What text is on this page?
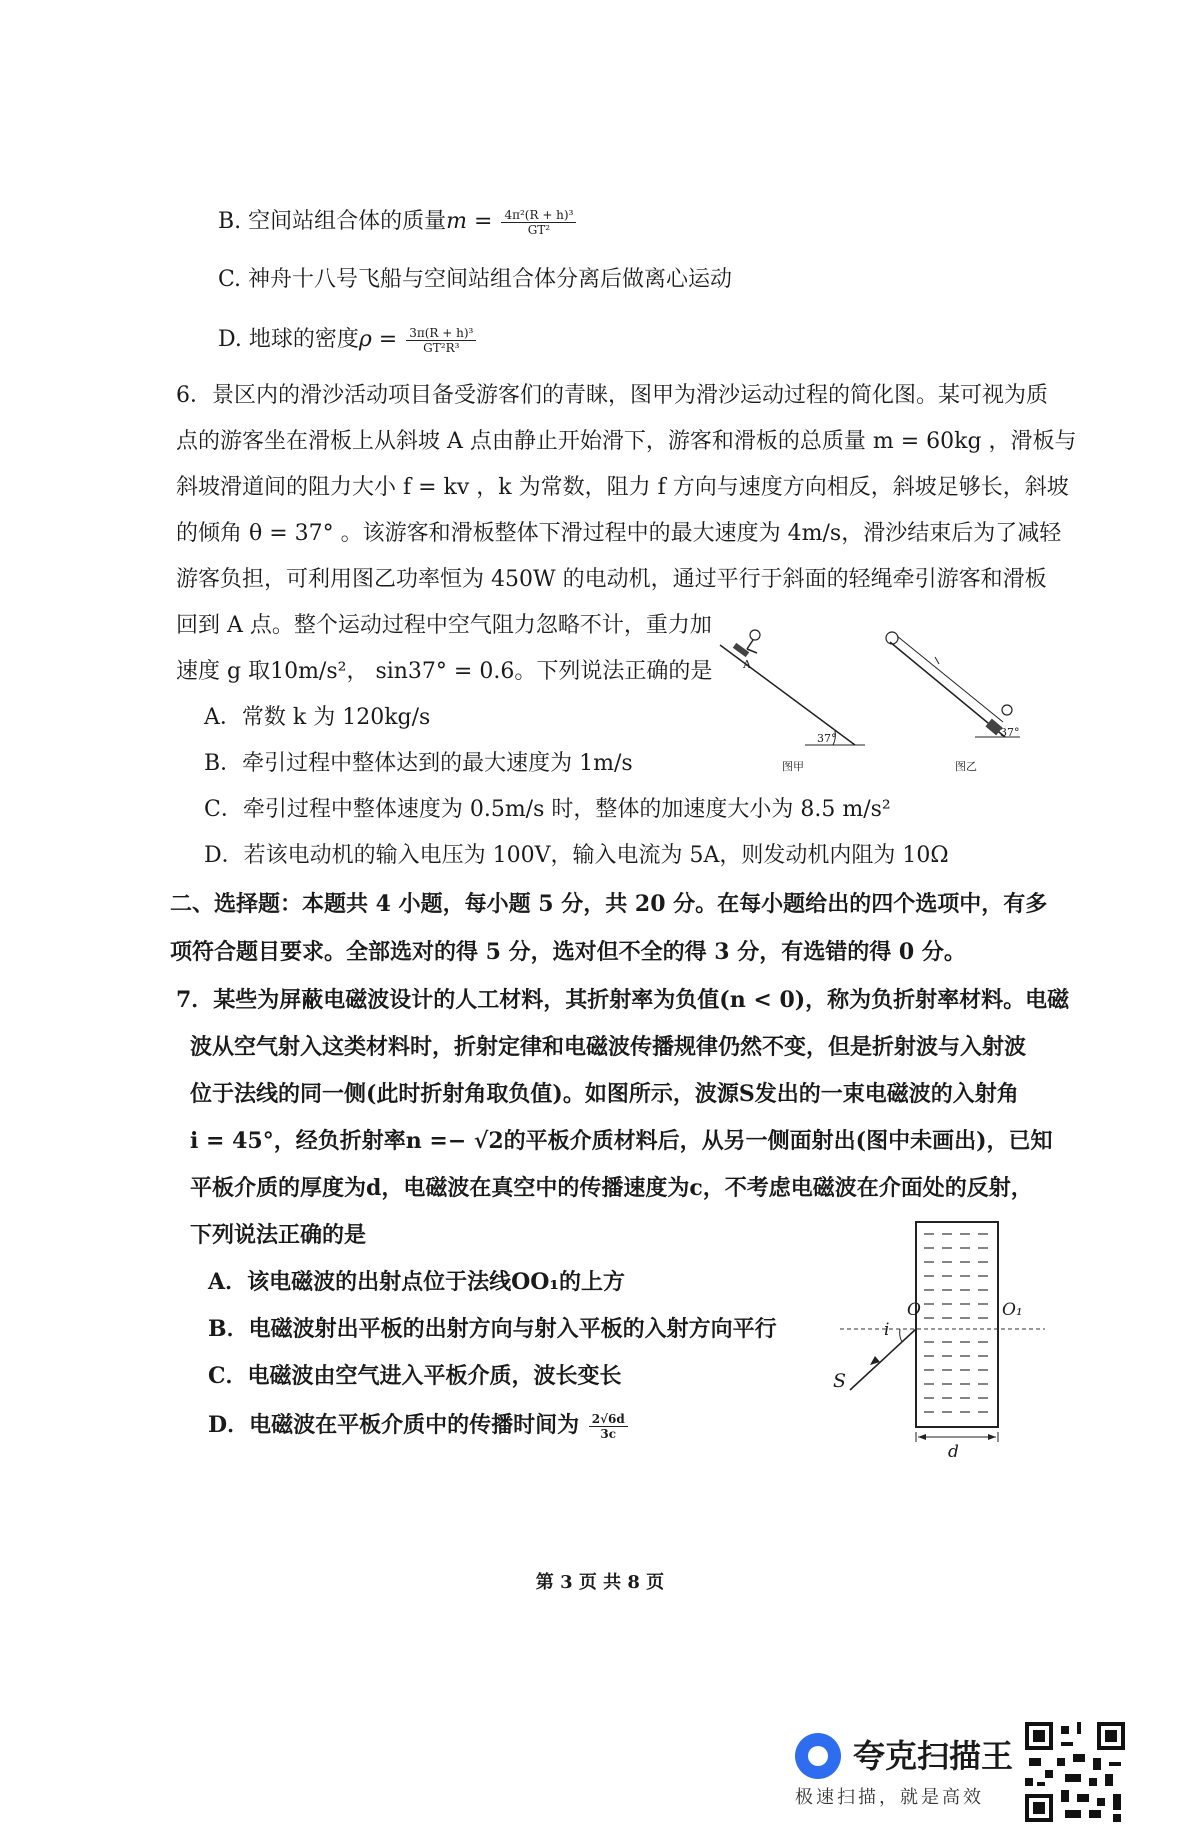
B. 空间站组合体的质量$m = \frac{\text{4π²(R + h)³}}{\text{GT²}}$
C. 神舟十八号飞船与空间站组合体分离后做离心运动
D. 地球的密度$\rho = \frac{\text{3π(R + h)³}}{\text{GT²R³}}$
6．景区内的滑沙活动项目备受游客们的青睐，图甲为滑沙运动过程的简化图。某可视为质
点的游客坐在滑板上从斜坡 A 点由静止开始滑下，游客和滑板的总质量 m = 60kg ，滑板与
斜坡滑道间的阻力大小 f = kv ，k 为常数，阻力 f 方向与速度方向相反，斜坡足够长，斜坡
的倾角 θ = 37° 。该游客和滑板整体下滑过程中的最大速度为 4m/s，滑沙结束后为了减轻
游客负担，可利用图乙功率恒为 450W 的电动机，通过平行于斜面的轻绳牵引游客和滑板
回到 A 点。整个运动过程中空气阻力忽略不计，重力加
速度 g 取10m/s²， sin37° = 0.6。下列说法正确的是
A．常数 k 为 120kg/s
B．牵引过程中整体达到的最大速度为 1m/s
C．牵引过程中整体速度为 0.5m/s 时，整体的加速度大小为 8.5 m/s²
D．若该电动机的输入电压为 100V，输入电流为 5A，则发动机内阻为 10Ω
37°
A
图甲
37°
图乙
二、选择题：本题共 4 小题，每小题 5 分，共 20 分。在每小题给出的四个选项中，有多
项符合题目要求。全部选对的得 5 分，选对但不全的得 3 分，有选错的得 0 分。
7．某些为屏蔽电磁波设计的人工材料，其折射率为负值(n < 0)，称为负折射率材料。电磁
波从空气射入这类材料时，折射定律和电磁波传播规律仍然不变，但是折射波与入射波
位于法线的同一侧(此时折射角取负值)。如图所示，波源S发出的一束电磁波的入射角
i = 45°，经负折射率n =− √2的平板介质材料后，从另一侧面射出(图中未画出)，已知
平板介质的厚度为d，电磁波在真空中的传播速度为c，不考虑电磁波在介面处的反射，
下列说法正确的是
A．该电磁波的出射点位于法线OO₁的上方
B．电磁波射出平板的出射方向与射入平板的入射方向平行
C．电磁波由空气进入平板介质，波长变长
D．电磁波在平板介质中的传播时间为 $\frac{2√6d}{3c}$
O	O₁
i
S
d
第 3 页 共 8 页
夸克扫描王
极速扫描，就是高效
